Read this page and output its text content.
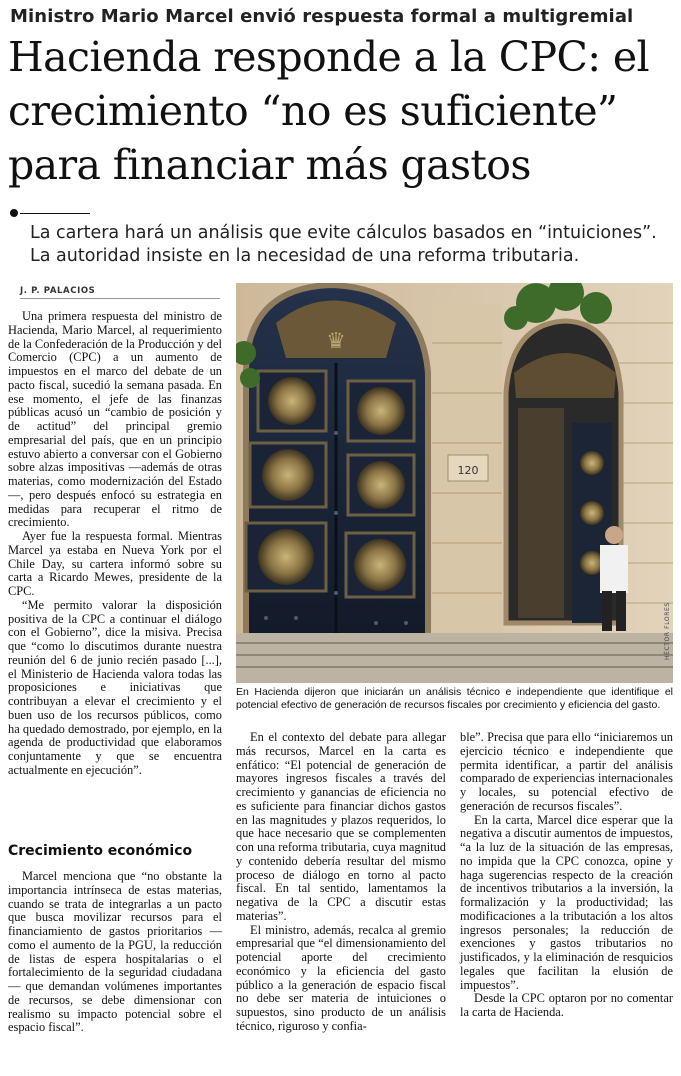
Ministro Mario Marcel envió respuesta formal a multigremial
Hacienda responde a la CPC: el
crecimiento “no es suficiente”
para financiar más gastos
La cartera hará un análisis que evite cálculos basados en “intuiciones”.
La autoridad insiste en la necesidad de una reforma tributaria.
J. P. PALACIOS

Una primera respuesta del ministro de Hacienda, Mario Marcel, al requerimiento de la Confederación de la Producción y del Comercio (CPC) a un aumento de impuestos en el marco del debate de un pacto fiscal, sucedió la semana pasada. En ese momento, el jefe de las finanzas públicas acusó un “cambio de posición y de actitud” del principal gremio empresarial del país, que en un principio estuvo abierto a conversar con el Gobierno sobre alzas impositivas —además de otras materias, como modernización del Estado—, pero después enfocó su estrategia en medidas para recuperar el ritmo de crecimiento.

Ayer fue la respuesta formal. Mientras Marcel ya estaba en Nueva York por el Chile Day, su cartera informó sobre su carta a Ricardo Mewes, presidente de la CPC.

“Me permito valorar la disposición positiva de la CPC a continuar el diálogo con el Gobierno”, dice la misiva. Precisa que “como lo discutimos durante nuestra reunión del 6 de junio recién pasado [...], el Ministerio de Hacienda valora todas las proposiciones e iniciativas que contribuyan a elevar el crecimiento y el buen uso de los recursos públicos, como ha quedado demostrado, por ejemplo, en la agenda de productividad que elaboramos conjuntamente y que se encuentra actualmente en ejecución”.

Crecimiento económico

Marcel menciona que “no obstante la importancia intrínseca de estas materias, cuando se trata de integrarlas a un pacto que busca movilizar recursos para el financiamiento de gastos prioritarios —como el aumento de la PGU, la reducción de listas de espera hospitalarias o el fortalecimiento de la seguridad ciudadana— que demandan volúmenes importantes de recursos, se debe dimensionar con realismo su impacto potencial sobre el espacio fiscal”.

♛
120
HÉCTOR FLORES
En Hacienda dijeron que iniciarán un análisis técnico e independiente que identifique el potencial efectivo de generación de recursos fiscales por crecimiento y eficiencia del gasto.

En el contexto del debate para allegar más recursos, Marcel en la carta es enfático: “El potencial de generación de mayores ingresos fiscales a través del crecimiento y ganancias de eficiencia no es suficiente para financiar dichos gastos en las magnitudes y plazos requeridos, lo que hace necesario que se complementen con una reforma tributaria, cuya magnitud y contenido debería resultar del mismo proceso de diálogo en torno al pacto fiscal. En tal sentido, lamentamos la negativa de la CPC a discutir estas materias”.

El ministro, además, recalca al gremio empresarial que “el dimensionamiento del potencial aporte del crecimiento económico y la eficiencia del gasto público a la generación de espacio fiscal no debe ser materia de intuiciones o supuestos, sino producto de un análisis técnico, riguroso y confia-

ble”. Precisa que para ello “iniciaremos un ejercicio técnico e independiente que permita identificar, a partir del análisis comparado de experiencias internacionales y locales, su potencial efectivo de generación de recursos fiscales”.

En la carta, Marcel dice esperar que la negativa a discutir aumentos de impuestos, “a la luz de la situación de las empresas, no impida que la CPC conozca, opine y haga sugerencias respecto de la creación de incentivos tributarios a la inversión, la formalización y la productividad; las modificaciones a la tributación a los altos ingresos personales; la reducción de exenciones y gastos tributarios no justificados, y la eliminación de resquicios legales que facilitan la elusión de impuestos”.

Desde la CPC optaron por no comentar la carta de Hacienda.
